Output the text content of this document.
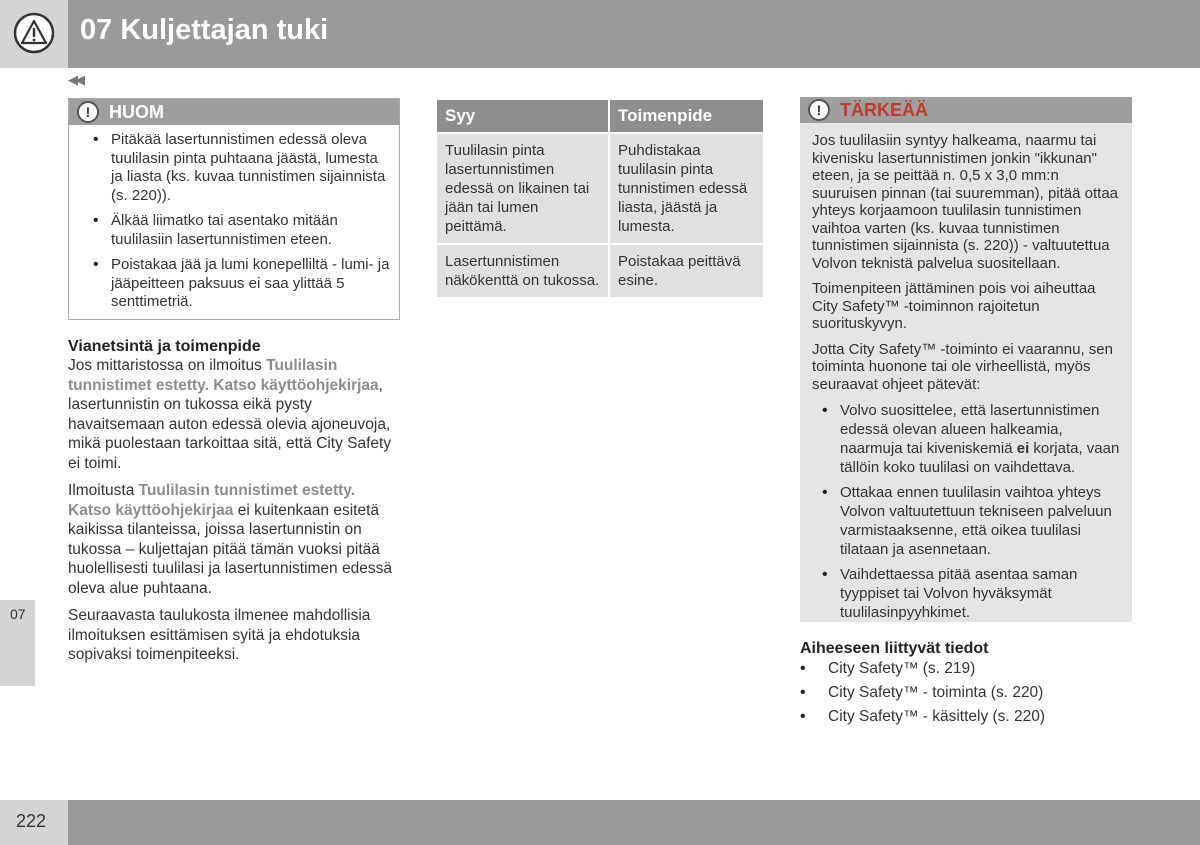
07 Kuljettajan tuki
◀◀
!	HUOM
• Pitäkää lasertunnistimen edessä oleva tuulilasin pinta puhtaana jäästä, lumesta ja liasta (ks. kuvaa tunnistimen sijainnista (s. 220)).
• Älkää liimatko tai asentako mitään tuulilasiin lasertunnistimen eteen.
• Poistakaa jää ja lumi konepelliltä - lumi- ja jääpeitteen paksuus ei saa ylittää 5 senttimetriä.
Vianetsintä ja toimenpide
Jos mittaristossa on ilmoitus Tuulilasin tunnistimet estetty. Katso käyttöohjekirjaa, lasertunnistin on tukossa eikä pysty havaitsemaan auton edessä olevia ajoneuvoja, mikä puolestaan tarkoittaa sitä, että City Safety ei toimi.
Ilmoitusta Tuulilasin tunnistimet estetty. Katso käyttöohjekirjaa ei kuitenkaan esitetä kaikissa tilanteissa, joissa lasertunnistin on tukossa – kuljettajan pitää tämän vuoksi pitää huolellisesti tuulilasi ja lasertunnistimen edessä oleva alue puhtaana.
Seuraavasta taulukosta ilmenee mahdollisia ilmoituksen esittämisen syitä ja ehdotuksia sopivaksi toimenpiteeksi.
Syy	Toimenpide
Tuulilasin pinta lasertunnistimen edessä on likainen tai jään tai lumen peittämä.	Puhdistakaa tuulilasin pinta tunnistimen edessä liasta, jäästä ja lumesta.
Lasertunnistimen näkökenttä on tukossa.	Poistakaa peittävä esine.
!	TÄRKEÄÄ
Jos tuulilasiin syntyy halkeama, naarmu tai kivenisku lasertunnistimen jonkin "ikkunan" eteen, ja se peittää n. 0,5 x 3,0 mm:n suuruisen pinnan (tai suuremman), pitää ottaa yhteys korjaamoon tuulilasin tunnistimen vaihtoa varten (ks. kuvaa tunnistimen tunnistimen sijainnista (s. 220)) - valtuutettua Volvon teknistä palvelua suositellaan.
Toimenpiteen jättäminen pois voi aiheuttaa City Safety™ -toiminnon rajoitetun suorituskyvyn.
Jotta City Safety™ -toiminto ei vaarannu, sen toiminta huonone tai ole virheellistä, myös seuraavat ohjeet pätevät:
• Volvo suosittelee, että lasertunnistimen edessä olevan alueen halkeamia, naarmuja tai kiveniskemiä ei korjata, vaan tällöin koko tuulilasi on vaihdettava.
• Ottakaa ennen tuulilasin vaihtoa yhteys Volvon valtuutettuun tekniseen palveluun varmistaaksenne, että oikea tuulilasi tilataan ja asennetaan.
• Vaihdettaessa pitää asentaa saman tyyppiset tai Volvon hyväksymät tuulilasinpyyhkimet.
Aiheeseen liittyvät tiedot
• City Safety™ (s. 219)
• City Safety™ - toiminta (s. 220)
• City Safety™ - käsittely (s. 220)
07
222
